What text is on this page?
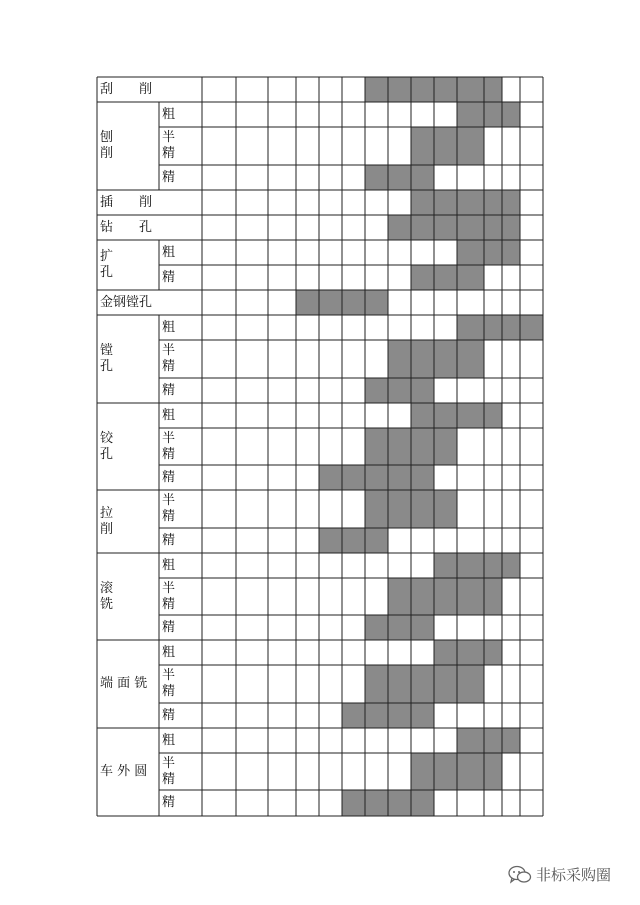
刮　　削
刨
削
粗
半
精
精
插　　削
钻　　孔
扩
孔
粗
精
金钢镗孔
镗
孔
粗
半
精
精
铰
孔
粗
半
精
精
拉
削
半
精
精
滚
铣
粗
半
精
精
端 面 铣
粗
半
精
精
车 外 圆
粗
半
精
精
非标采购圈
